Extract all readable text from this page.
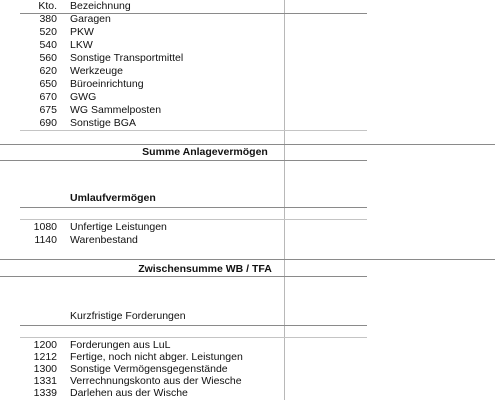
Kto. Bezeichnung
380 Garagen
520 PKW
540 LKW
560 Sonstige Transportmittel
620 Werkzeuge
650 Büroeinrichtung
670 GWG
675 WG Sammelposten
690 Sonstige BGA
Summe Anlagevermögen
Umlaufvermögen
1080 Unfertige Leistungen
1140 Warenbestand
Zwischensumme WB / TFA
Kurzfristige Forderungen
1200 Forderungen aus LuL
1212 Fertige, noch nicht abger. Leistungen
1300 Sonstige Vermögensgegenstände
1331 Verrechnungskonto aus der Wiesche
1339 Darlehen aus der Wische
